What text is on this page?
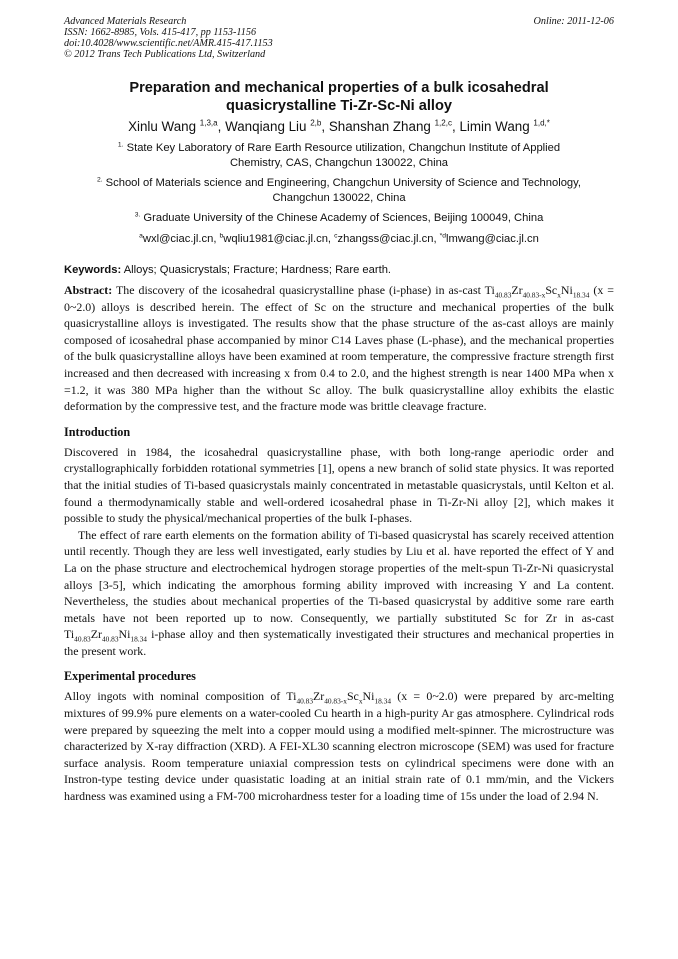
Advanced Materials Research
ISSN: 1662-8985, Vols. 415-417, pp 1153-1156
doi:10.4028/www.scientific.net/AMR.415-417.1153
© 2012 Trans Tech Publications Ltd, Switzerland
Online: 2011-12-06
Preparation and mechanical properties of a bulk icosahedral
quasicrystalline Ti-Zr-Sc-Ni alloy
Xinlu Wang $^{1,3,a}$, Wanqiang Liu $^{2,b}$, Shanshan Zhang $^{1,2,c}$, Limin Wang $^{1,d,*}$
$^{1.}$ State Key Laboratory of Rare Earth Resource utilization, Changchun Institute of Applied
Chemistry, CAS, Changchun 130022, China
$^{2.}$ School of Materials science and Engineering, Changchun University of Science and Technology,
Changchun 130022, China
$^{3.}$ Graduate University of the Chinese Academy of Sciences, Beijing 100049, China
$^a$wxl@ciac.jl.cn, $^b$wqliu1981@ciac.jl.cn, $^c$zhangss@ciac.jl.cn, $^{*d}$lmwang@ciac.jl.cn
Keywords: Alloys; Quasicrystals; Fracture; Hardness; Rare earth.

Abstract: The discovery of the icosahedral quasicrystalline phase (i-phase) in as-cast $Ti_{40.83}Zr_{40.83-x}Sc_xNi_{18.34}$ (x = 0~2.0) alloys is described herein. The effect of Sc on the structure and mechanical properties of the bulk quasicrystalline alloys is investigated. The results show that the phase structure of the as-cast alloys are mainly composed of icosahedral phase accompanied by minor C14 Laves phase (L-phase), and the mechanical properties of the bulk quasicrystalline alloys have been examined at room temperature, the compressive fracture strength first increased and then decreased with increasing x from 0.4 to 2.0, and the highest strength is near 1400 MPa when x =1.2, it was 380 MPa higher than the without Sc alloy. The bulk quasicrystalline alloy exhibits the elastic deformation by the compressive test, and the fracture mode was brittle cleavage fracture.

Introduction

Discovered in 1984, the icosahedral quasicrystalline phase, with both long-range aperiodic order and crystallographically forbidden rotational symmetries [1], opens a new branch of solid state physics. It was reported that the initial studies of Ti-based quasicrystals mainly concentrated in metastable quasicrystals, until Kelton et al. found a thermodynamically stable and well-ordered icosahedral phase in Ti-Zr-Ni alloy [2], which makes it possible to study the physical/mechanical properties of the bulk I-phases.

The effect of rare earth elements on the formation ability of Ti-based quasicrystal has scarely received attention until recently. Though they are less well investigated, early studies by Liu et al. have reported the effect of Y and La on the phase structure and electrochemical hydrogen storage properties of the melt-spun Ti-Zr-Ni quasicrystal alloys [3-5], which indicating the amorphous forming ability improved with increasing Y and La content. Nevertheless, the studies about mechanical properties of the Ti-based quasicrystal by additive some rare earth metals have not been reported up to now. Consequently, we partially substituted Sc for Zr in as-cast $Ti_{40.83}Zr_{40.83}Ni_{18.34}$ i-phase alloy and then systematically investigated their structures and mechanical properties in the present work.

Experimental procedures

Alloy ingots with nominal composition of $Ti_{40.83}Zr_{40.83-x}Sc_xNi_{18.34}$ (x = 0~2.0) were prepared by arc-melting mixtures of 99.9% pure elements on a water-cooled Cu hearth in a high-purity Ar gas atmosphere. Cylindrical rods were prepared by squeezing the melt into a copper mould using a modified melt-spinner. The microstructure was characterized by X-ray diffraction (XRD). A FEI-XL30 scanning electron microscope (SEM) was used for fracture surface analysis. Room temperature uniaxial compression tests on cylindrical specimens were done with an Instron-type testing device under quasistatic loading at an initial strain rate of 0.1 mm/min, and the Vickers hardness was examined using a FM-700 microhardness tester for a loading time of 15s under the load of 2.94 N.
